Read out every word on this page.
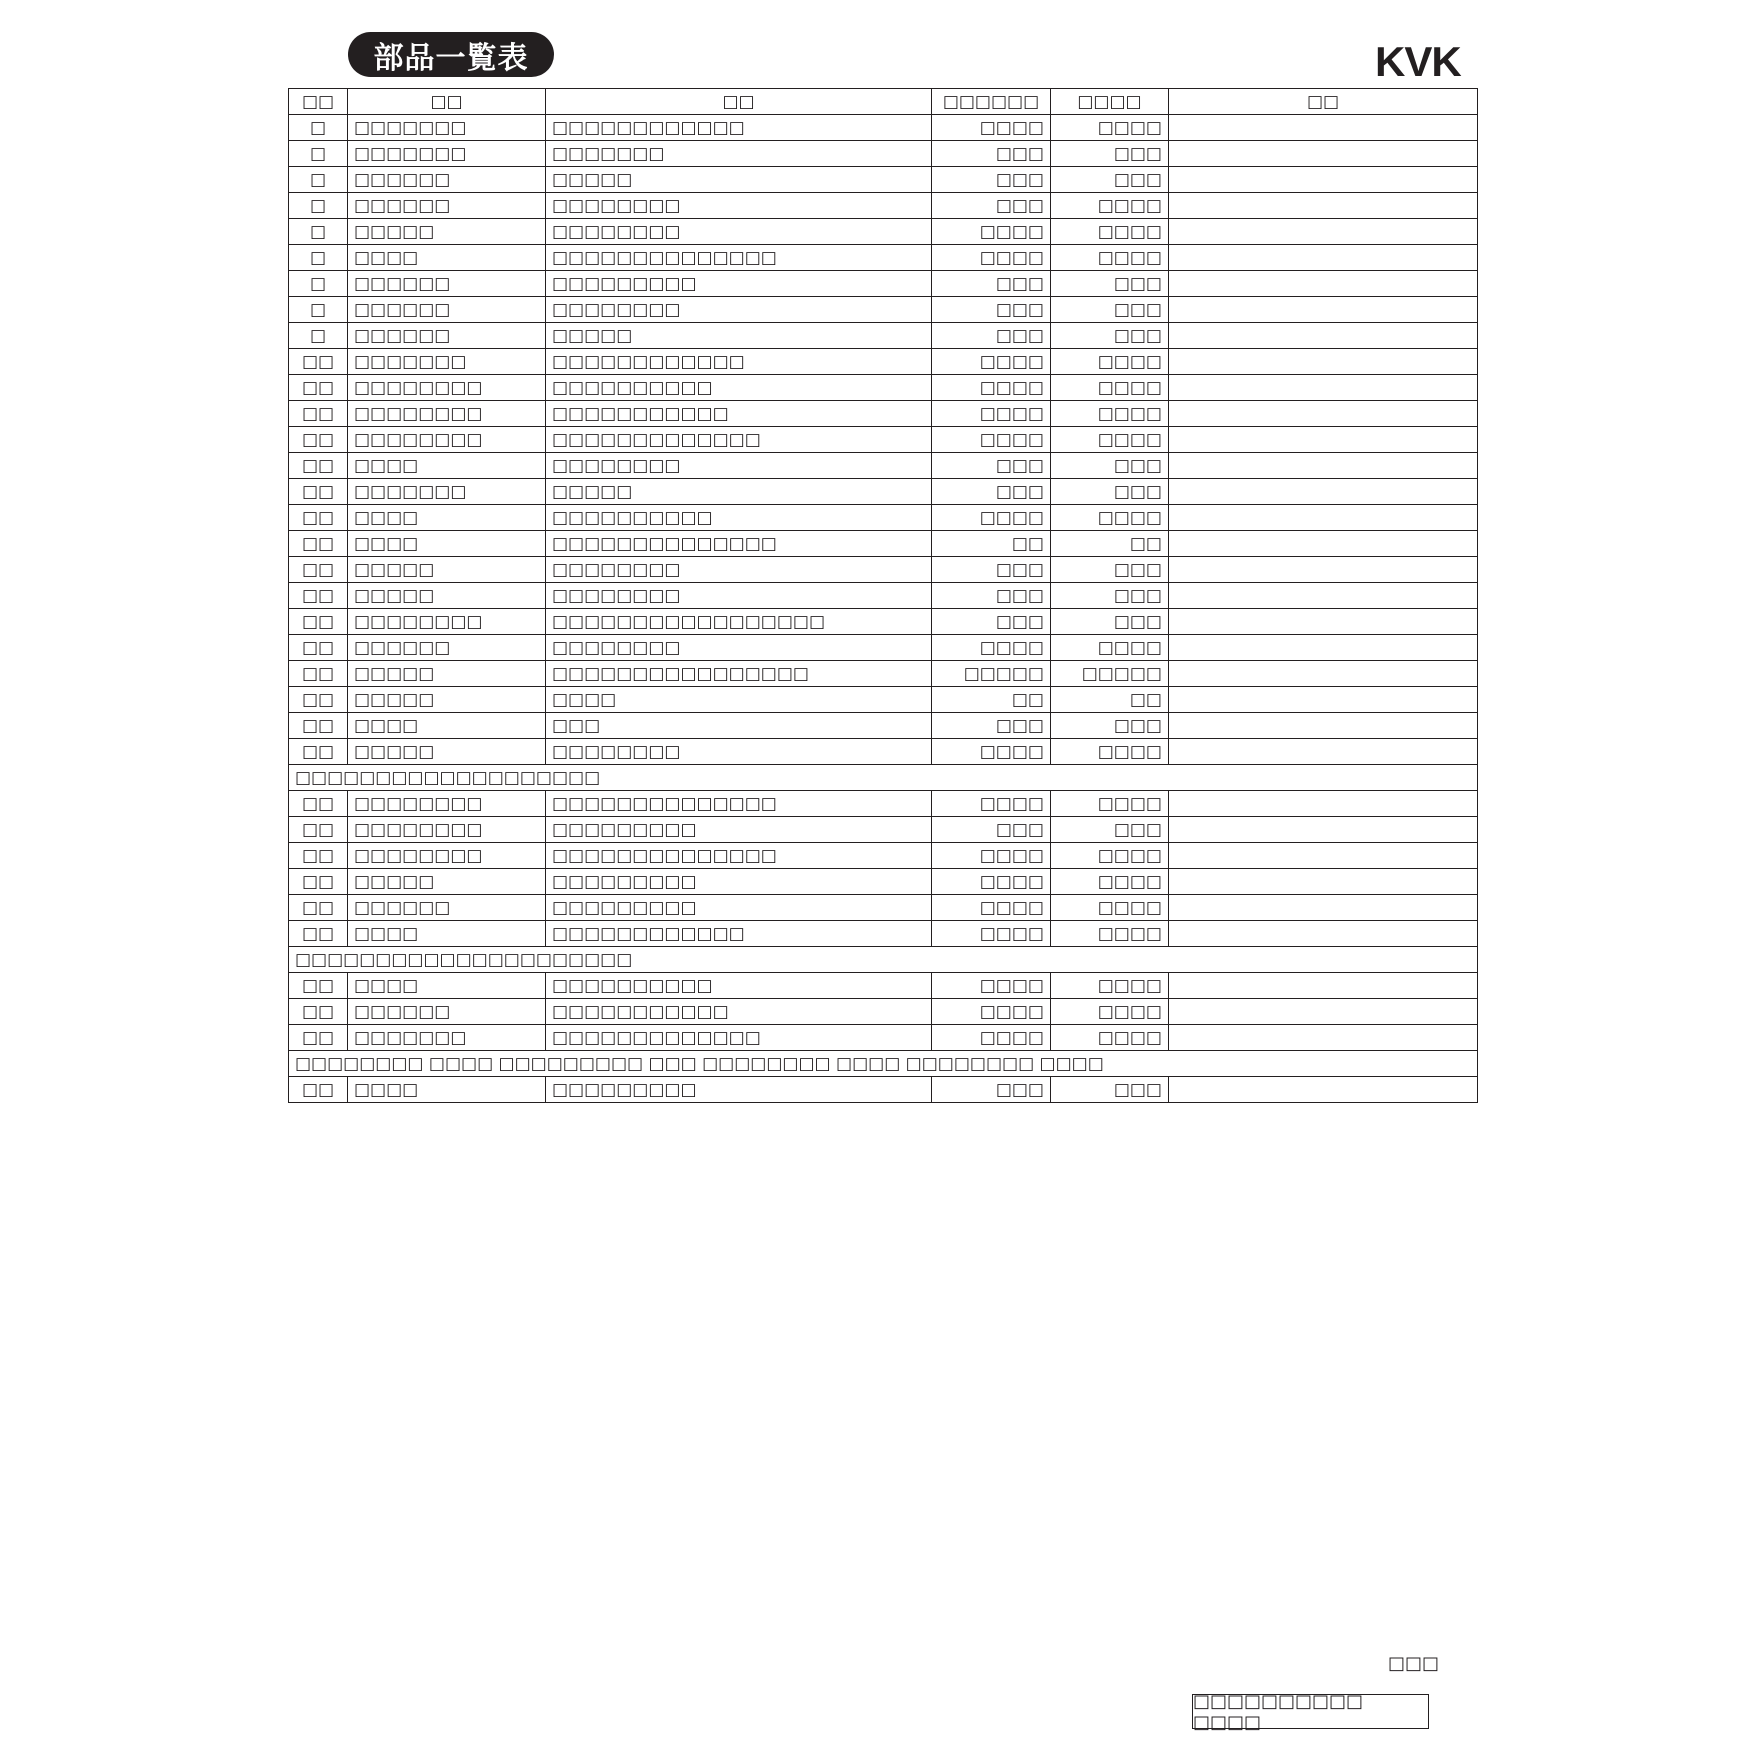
部品一覧表	KVK
□□	□□	□□	□□□□□□	□□□□	□□
□	□□□□□□□	□□□□□□□□□□□□	□□□□	□□□□	
□	□□□□□□□	□□□□□□□	□□□	□□□	
□	□□□□□□	□□□□□	□□□	□□□	
□	□□□□□□	□□□□□□□□	□□□	□□□□	
□	□□□□□	□□□□□□□□	□□□□	□□□□	
□	□□□□	□□□□□□□□□□□□□□	□□□□	□□□□	
□	□□□□□□	□□□□□□□□□	□□□	□□□	
□	□□□□□□	□□□□□□□□	□□□	□□□	
□	□□□□□□	□□□□□	□□□	□□□	
□□	□□□□□□□	□□□□□□□□□□□□	□□□□	□□□□	
□□	□□□□□□□□	□□□□□□□□□□	□□□□	□□□□	
□□	□□□□□□□□	□□□□□□□□□□□	□□□□	□□□□	
□□	□□□□□□□□	□□□□□□□□□□□□□	□□□□	□□□□	
□□	□□□□	□□□□□□□□	□□□	□□□	
□□	□□□□□□□	□□□□□	□□□	□□□	
□□	□□□□	□□□□□□□□□□	□□□□	□□□□	
□□	□□□□	□□□□□□□□□□□□□□	□□	□□	
□□	□□□□□	□□□□□□□□	□□□	□□□	
□□	□□□□□	□□□□□□□□	□□□	□□□	
□□	□□□□□□□□	□□□□□□□□□□□□□□□□□	□□□	□□□	
□□	□□□□□□	□□□□□□□□	□□□□	□□□□	
□□	□□□□□	□□□□□□□□□□□□□□□□	□□□□□	□□□□□	
□□	□□□□□	□□□□	□□	□□	
□□	□□□□	□□□	□□□	□□□	
□□	□□□□□	□□□□□□□□	□□□□	□□□□	
□□□□□□□□□□□□□□□□□□□					
□□	□□□□□□□□	□□□□□□□□□□□□□□	□□□□	□□□□	
□□	□□□□□□□□	□□□□□□□□□	□□□	□□□	
□□	□□□□□□□□	□□□□□□□□□□□□□□	□□□□	□□□□	
□□	□□□□□	□□□□□□□□□	□□□□	□□□□	
□□	□□□□□□	□□□□□□□□□	□□□□	□□□□	
□□	□□□□	□□□□□□□□□□□□	□□□□	□□□□	
□□□□□□□□□□□□□□□□□□□□□					
□□	□□□□	□□□□□□□□□□	□□□□	□□□□	
□□	□□□□□□	□□□□□□□□□□□	□□□□	□□□□	
□□	□□□□□□□	□□□□□□□□□□□□□	□□□□	□□□□	
□□□□□□□□ □□□□ □□□□□□□□□ □□□ □□□□□□□□ □□□□ □□□□□□□□ □□□□					
□□	□□□□	□□□□□□□□□	□□□	□□□	
□□□
□□□□□□□□□□ □□□□
